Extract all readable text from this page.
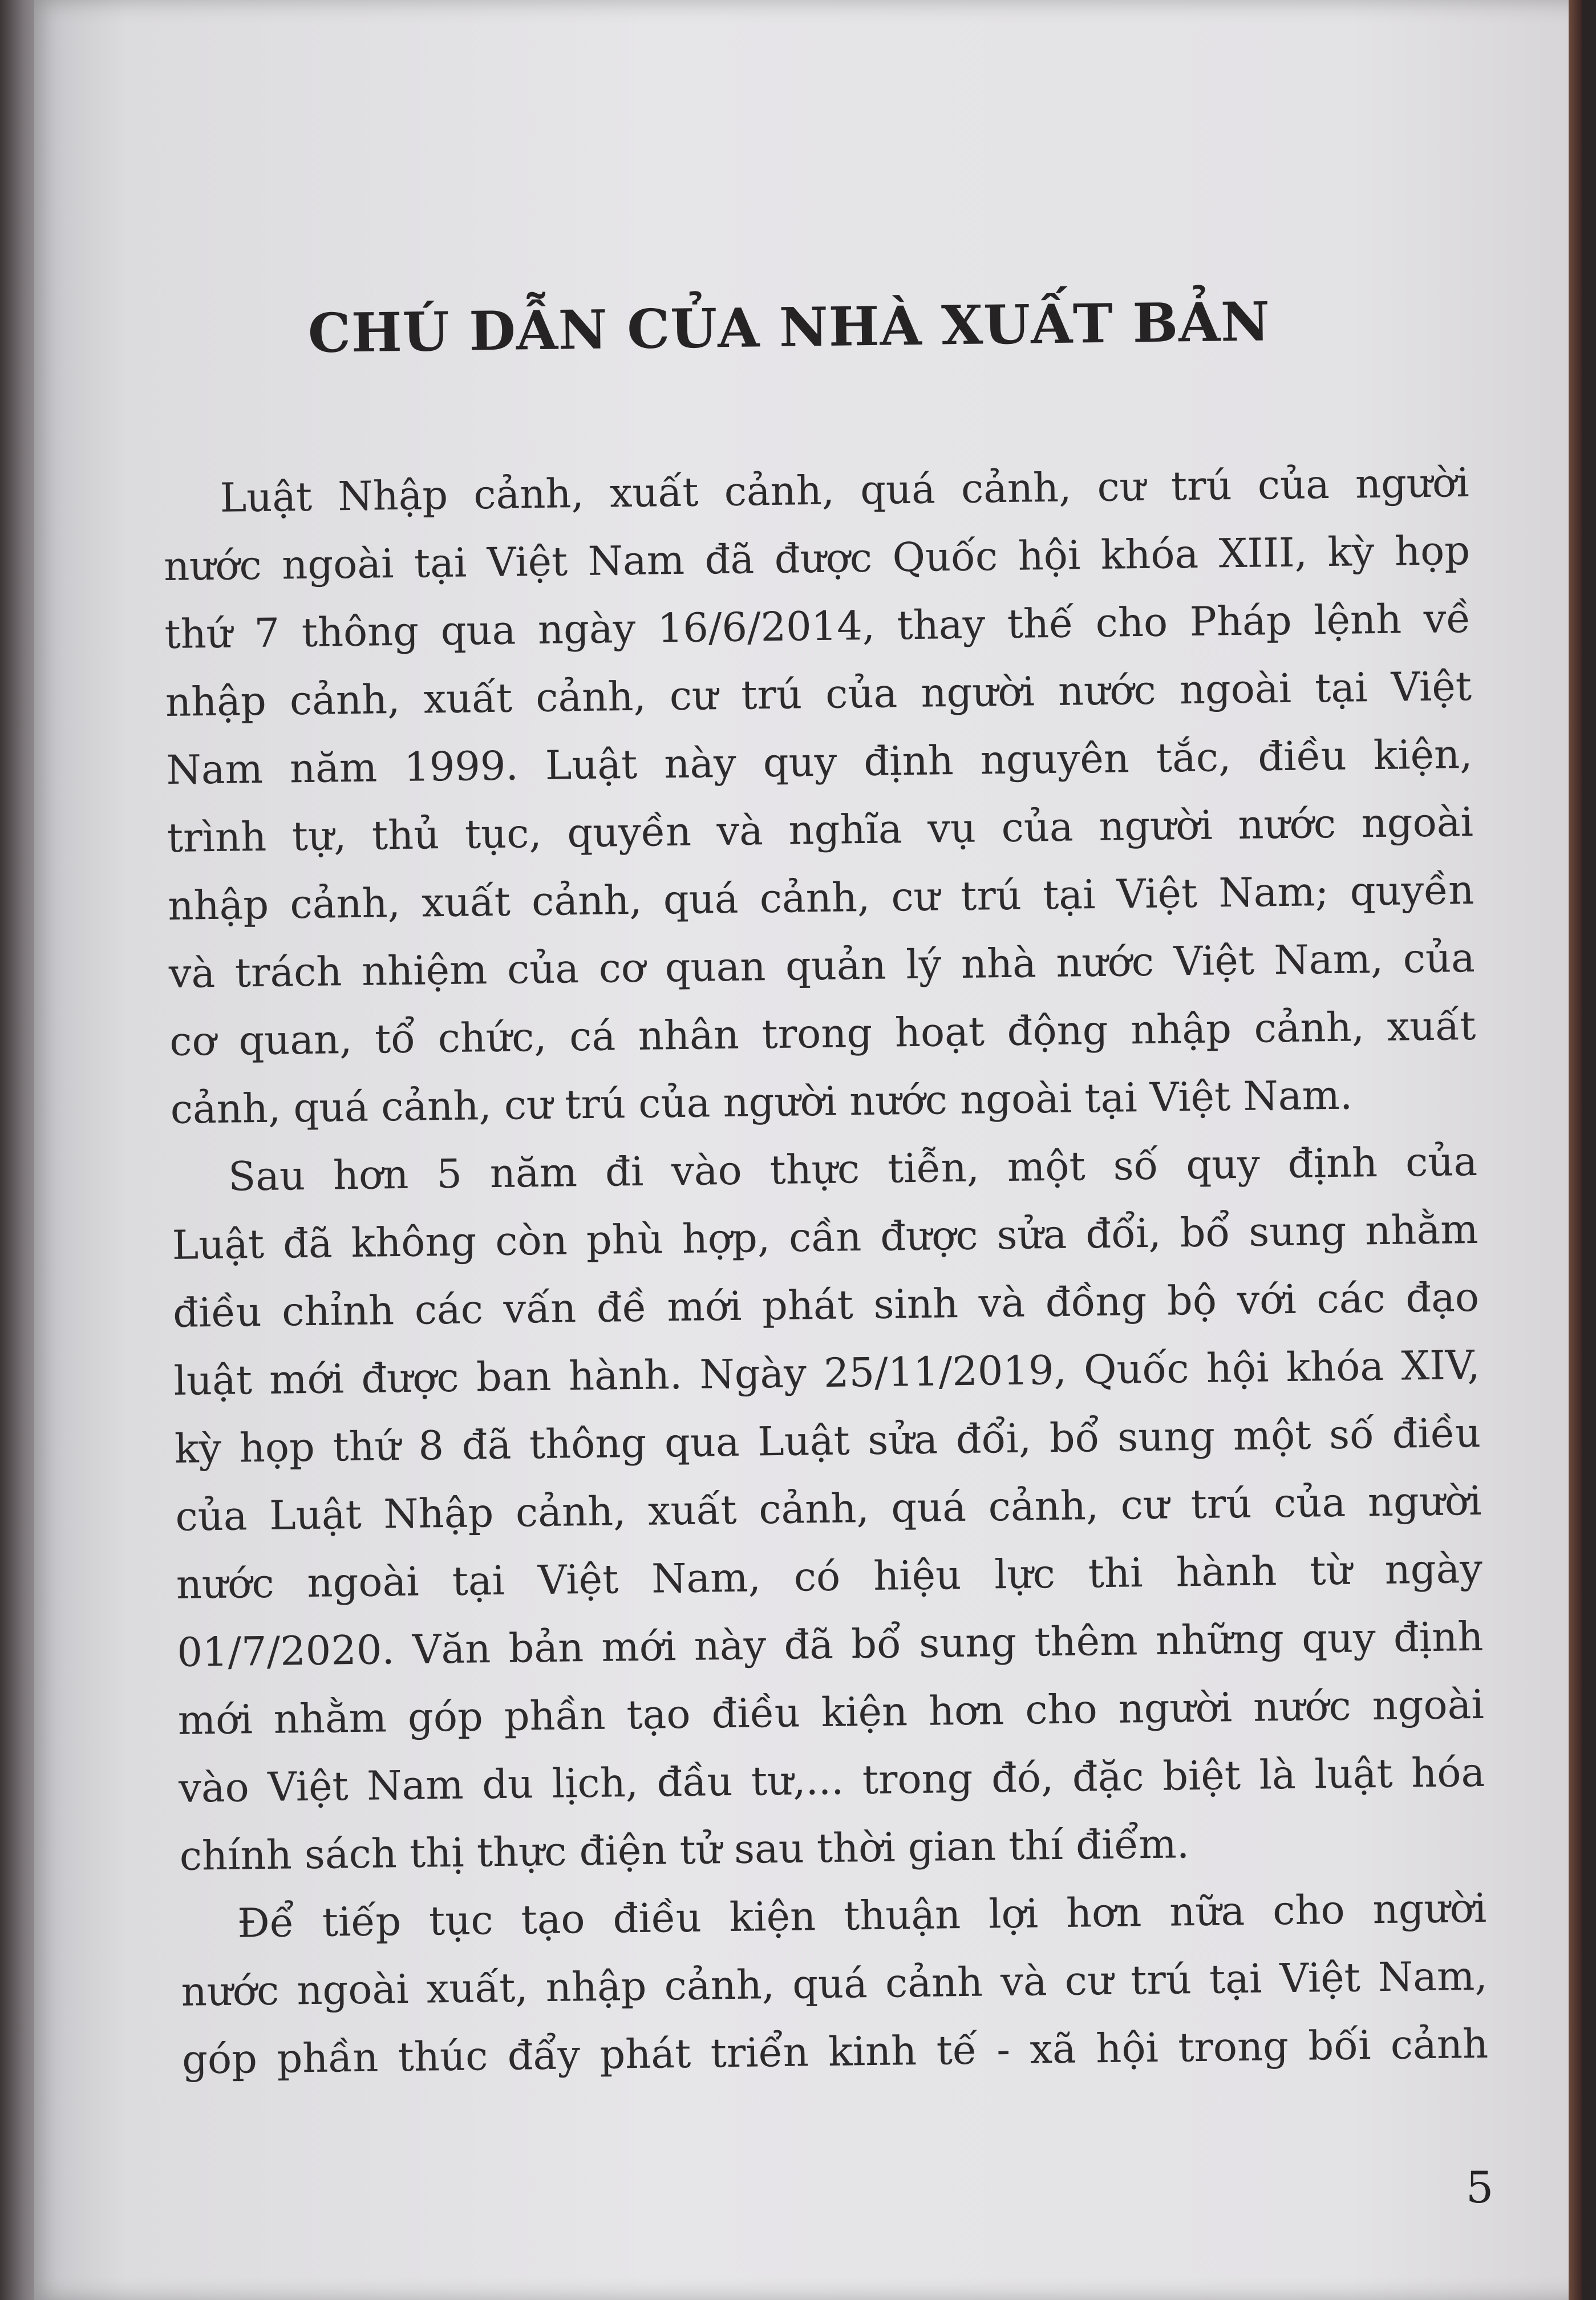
CHÚ DẪN CỦA NHÀ XUẤT BẢN
Luật Nhập cảnh, xuất cảnh, quá cảnh, cư trú của người
nước ngoài tại Việt Nam đã được Quốc hội khóa XIII, kỳ họp
thứ 7 thông qua ngày 16/6/2014, thay thế cho Pháp lệnh về
nhập cảnh, xuất cảnh, cư trú của người nước ngoài tại Việt
Nam năm 1999. Luật này quy định nguyên tắc, điều kiện,
trình tự, thủ tục, quyền và nghĩa vụ của người nước ngoài
nhập cảnh, xuất cảnh, quá cảnh, cư trú tại Việt Nam; quyền
và trách nhiệm của cơ quan quản lý nhà nước Việt Nam, của
cơ quan, tổ chức, cá nhân trong hoạt động nhập cảnh, xuất
cảnh, quá cảnh, cư trú của người nước ngoài tại Việt Nam.
Sau hơn 5 năm đi vào thực tiễn, một số quy định của
Luật đã không còn phù hợp, cần được sửa đổi, bổ sung nhằm
điều chỉnh các vấn đề mới phát sinh và đồng bộ với các đạo
luật mới được ban hành. Ngày 25/11/2019, Quốc hội khóa XIV,
kỳ họp thứ 8 đã thông qua Luật sửa đổi, bổ sung một số điều
của Luật Nhập cảnh, xuất cảnh, quá cảnh, cư trú của người
nước ngoài tại Việt Nam, có hiệu lực thi hành từ ngày
01/7/2020. Văn bản mới này đã bổ sung thêm những quy định
mới nhằm góp phần tạo điều kiện hơn cho người nước ngoài
vào Việt Nam du lịch, đầu tư,... trong đó, đặc biệt là luật hóa
chính sách thị thực điện tử sau thời gian thí điểm.
Để tiếp tục tạo điều kiện thuận lợi hơn nữa cho người
nước ngoài xuất, nhập cảnh, quá cảnh và cư trú tại Việt Nam,
góp phần thúc đẩy phát triển kinh tế - xã hội trong bối cảnh
5
